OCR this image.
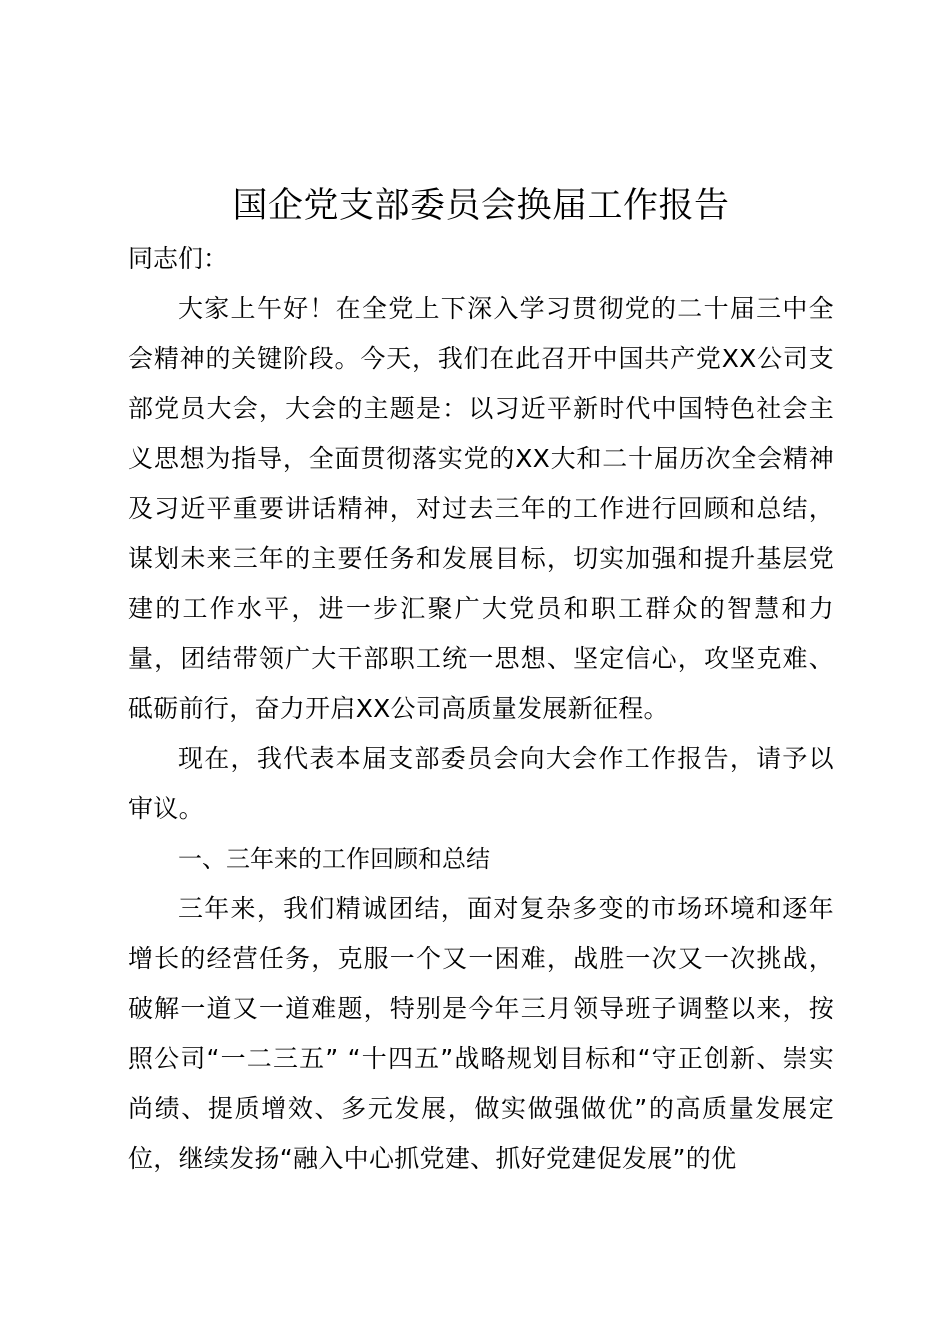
国企党支部委员会换届工作报告

同志们：

大家上午好！在全党上下深入学习贯彻党的二十届三中全会精神的关键阶段。今天，我们在此召开中国共产党XX公司支部党员大会，大会的主题是：以习近平新时代中国特色社会主义思想为指导，全面贯彻落实党的XX大和二十届历次全会精神及习近平重要讲话精神，对过去三年的工作进行回顾和总结，谋划未来三年的主要任务和发展目标，切实加强和提升基层党建的工作水平，进一步汇聚广大党员和职工群众的智慧和力量，团结带领广大干部职工统一思想、坚定信心，攻坚克难、砥砺前行，奋力开启XX公司高质量发展新征程。

现在，我代表本届支部委员会向大会作工作报告，请予以审议。

一、三年来的工作回顾和总结

三年来，我们精诚团结，面对复杂多变的市场环境和逐年增长的经营任务，克服一个又一困难，战胜一次又一次挑战，破解一道又一道难题，特别是今年三月领导班子调整以来，按照公司“一二三五” “十四五”战略规划目标和“守正创新、崇实尚绩、提质增效、多元发展，做实做强做优”的高质量发展定位，继续发扬“融入中心抓党建、抓好党建促发展”的优
